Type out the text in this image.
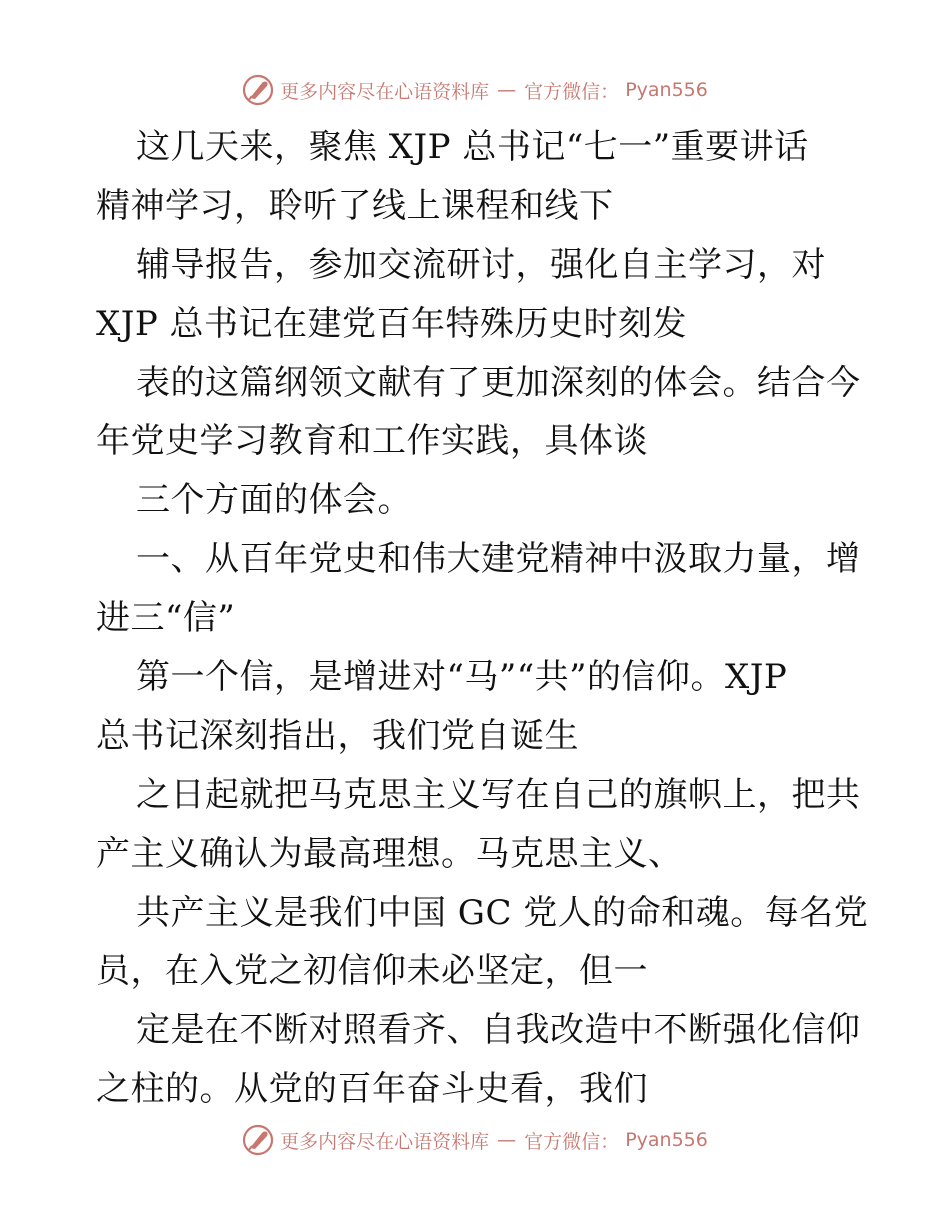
更多内容尽在心语资料库 — 官方微信： Pyan556
这几天来，聚焦 XJP 总书记“七一”重要讲话
精神学习，聆听了线上课程和线下
辅导报告，参加交流研讨，强化自主学习，对
XJP 总书记在建党百年特殊历史时刻发
表的这篇纲领文献有了更加深刻的体会。结合今
年党史学习教育和工作实践，具体谈
三个方面的体会。
一、从百年党史和伟大建党精神中汲取力量，增
进三“信”
第一个信，是增进对“马”“共”的信仰。XJP
总书记深刻指出，我们党自诞生
之日起就把马克思主义写在自己的旗帜上，把共
产主义确认为最高理想。马克思主义、
共产主义是我们中国 GC 党人的命和魂。每名党
员，在入党之初信仰未必坚定，但一
定是在不断对照看齐、自我改造中不断强化信仰
之柱的。从党的百年奋斗史看，我们
更多内容尽在心语资料库 — 官方微信： Pyan556
